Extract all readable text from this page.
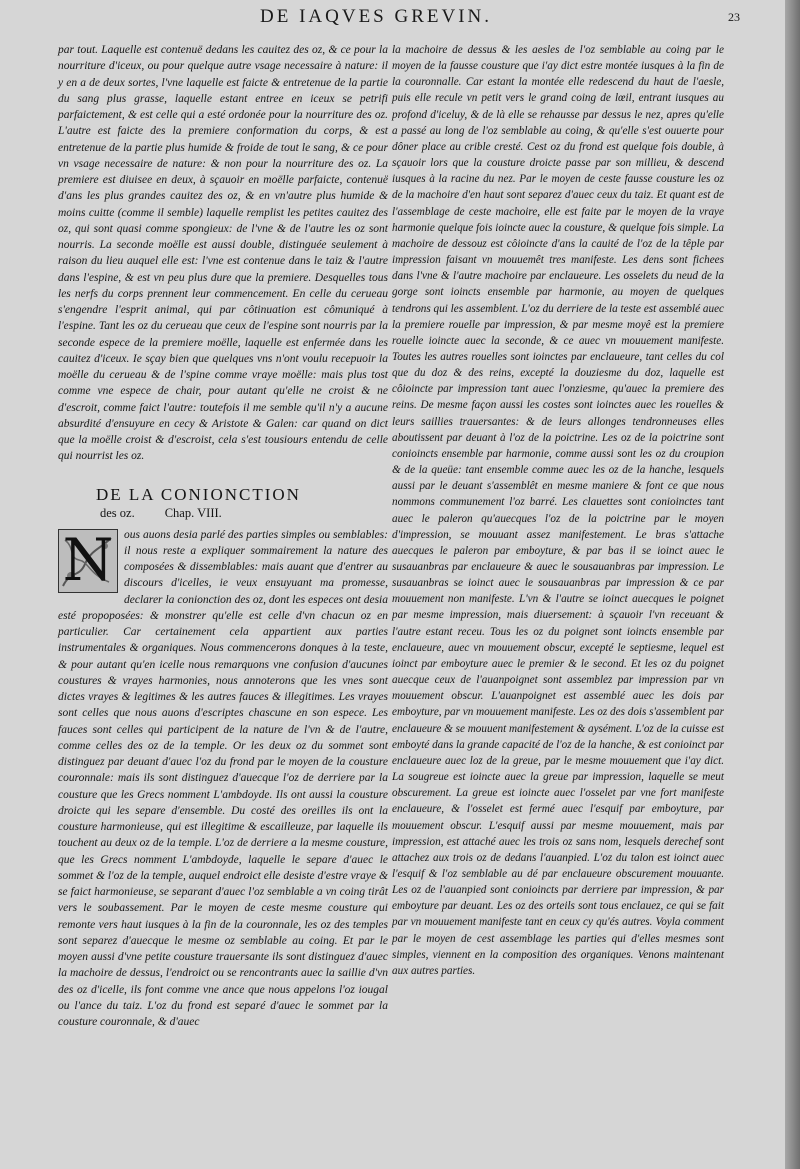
DE IAQVES GREVIN.	23

par tout. Laquelle est contenuë dedans les cauitez des oz, & ce pour la nourriture d'iceux, ou pour quelque autre vsage necessaire à nature: il y en a de deux sortes, l'vne laquelle est faicte & entretenue de la partie du sang plus grasse, laquelle estant entree en iceux se petrifi parfaictement, & est celle qui a esté ordonée pour la nourriture des oz. L'autre est faicte des la premiere conformation du corps, & est entretenue de la partie plus humide & froide de tout le sang, & ce pour vn vsage necessaire de nature: & non pour la nourriture des oz. La premiere est diuisee en deux, à sçauoir en moëlle parfaicte, contenuë d'ans les plus grandes cauitez des oz, & en vn'autre plus humide & moins cuitte (comme il semble) laquelle remplist les petites cauitez des oz, qui sont quasi comme spongieux: de l'vne & de l'autre les oz sont nourris. La seconde moëlle est aussi double, distinguée seulement à raison du lieu auquel elle est: l'vne est contenue dans le taiz & l'autre dans l'espine, & est vn peu plus dure que la premiere. Desquelles tous les nerfs du corps prennent leur commencement. En celle du cerueau s'engendre l'esprit animal, qui par côtinuation est cômuniqué à l'espine. Tant les oz du cerueau que ceux de l'espine sont nourris par la seconde espece de la premiere moëlle, laquelle est enfermée dans les cauitez d'iceux. Ie sçay bien que quelques vns n'ont voulu recepuoir la moëlle du cerueau & de l'spine comme vraye moëlle: mais plus tost comme vne espece de chair, pour autant qu'elle ne croist & ne d'escroit, comme faict l'autre: toutefois il me semble qu'il n'y a aucune absurdité d'ensuyure en cecy & Aristote & Galen: car quand on dict que la moëlle croist & d'escroist, cela s'est tousiours entendu de celle qui nourrist les oz.

DE LA CONIONCTION
des oz. Chap. VIII.
N ous auons desia parlé des parties simples ou semblables: il nous reste a expliquer sommairement la nature des composées & dissemblables: mais auant que d'entrer au discours d'icelles, ie veux ensuyuant ma promesse, declarer la conionction des oz, dont les especes ont desia esté propoposées: & monstrer qu'elle est celle d'vn chacun oz en particulier. Car certainement cela appartient aux parties instrumentales & organiques. Nous commencerons donques à la teste, & pour autant qu'en icelle nous remarquons vne confusion d'aucunes coustures & vrayes harmonies, nous annoterons que les vnes sont dictes vrayes & legitimes & les autres fauces & illegitimes. Les vrayes sont celles que nous auons d'escriptes chascune en son espece. Les fauces sont celles qui participent de la nature de l'vn & de l'autre, comme celles des oz de la temple. Or les deux oz du sommet sont distinguez par deuant d'auec l'oz du frond par le moyen de la cousture couronnale: mais ils sont distinguez d'auecque l'oz de derriere par la cousture que les Grecs nomment L'ambdoyde. Ils ont aussi la cousture droicte qui les separe d'ensemble. Du costé des oreilles ils ont la cousture harmonieuse, qui est illegitime & escailleuze, par laquelle ils touchent au deux oz de la temple. L'oz de derriere a la mesme cousture, que les Grecs nomment L'ambdoyde, laquelle le separe d'auec le sommet & l'oz de la temple, auquel endroict elle desiste d'estre vraye & se faict harmonieuse, se separant d'auec l'oz semblable a vn coing tirât vers le soubassement. Par le moyen de ceste mesme cousture qui remonte vers haut iusques à la fin de la couronnale, les oz des temples sont separez d'auecque le mesme oz semblable au coing. Et par le moyen aussi d'vne petite cousture trauersante ils sont distinguez d'auec la machoire de dessus, l'endroict ou se rencontrants auec la saillie d'vn des oz d'icelle, ils font comme vne ance que nous appelons l'oz iougal ou l'ance du taiz. L'oz du frond est separé d'auec le sommet par la cousture couronnale, & d'auec

la machoire de dessus & les aesles de l'oz semblable au coing par le moyen de la fausse cousture que i'ay dict estre montée iusques à la fin de la couronnalle. Car estant la montée elle redescend du haut de l'aesle, puis elle recule vn petit vers le grand coing de lœil, entrant iusques au profond d'iceluy, & de là elle se rehausse par dessus le nez, apres qu'elle a passé au long de l'oz semblable au coing, & qu'elle s'est ouuerte pour dôner place au crible cresté. Cest oz du frond est quelque fois double, à sçauoir lors que la cousture droicte passe par son millieu, & descend iusques à la racine du nez. Par le moyen de ceste fausse cousture les oz de la machoire d'en haut sont separez d'auec ceux du taiz. Et quant est de l'assemblage de ceste machoire, elle est faite par le moyen de la vraye harmonie quelque fois ioincte auec la cousture, & quelque fois simple. La machoire de dessouz est côioincte d'ans la cauité de l'oz de la têple par impression faisant vn mouuemêt tres manifeste. Les dens sont fichees dans l'vne & l'autre machoire par enclaueure. Les osselets du neud de la gorge sont ioincts ensemble par harmonie, au moyen de quelques tendrons qui les assemblent. L'oz du derriere de la teste est assemblé auec la premiere rouelle par impression, & par mesme moyê est la premiere rouelle ioincte auec la seconde, & ce auec vn mouuement manifeste. Toutes les autres rouelles sont ioinctes par enclaueure, tant celles du col que du doz & des reins, excepté la douziesme du doz, laquelle est côioincte par impression tant auec l'onziesme, qu'auec la premiere des reins. De mesme façon aussi les costes sont ioinctes auec les rouelles & leurs saillies trauersantes: & de leurs allonges tendronneuses elles aboutissent par deuant à l'oz de la poictrine. Les oz de la poictrine sont conioincts ensemble par harmonie, comme aussi sont les oz du croupion & de la queüe: tant ensemble comme auec les oz de la hanche, lesquels aussi par le deuant s'assemblêt en mesme maniere & font ce que nous nommons communement l'oz barré. Les clauettes sont conioinctes tant auec le paleron qu'auecques l'oz de la poictrine par le moyen d'impression, se mouuant assez manifestement. Le bras s'attache auecques le paleron par emboyture, & par bas il se ioinct auec le susauanbras par enclaueure & auec le sousauanbras par impression. Le susauanbras se ioinct auec le sousauanbras par impression & ce par mouuement non manifeste. L'vn & l'autre se ioinct auecques le poignet par mesme impression, mais diuersement: à sçauoir l'vn receuant & l'autre estant receu. Tous les oz du poignet sont ioincts ensemble par enclaueure, auec vn mouuement obscur, excepté le septiesme, lequel est ioinct par emboyture auec le premier & le second. Et les oz du poignet auecque ceux de l'auanpoignet sont assemblez par impression par vn mouuement obscur. L'auanpoignet est assemblé auec les dois par emboyture, par vn mouuement manifeste. Les oz des dois s'assemblent par enclaueure & se mouuent manifestement & aysément. L'oz de la cuisse est emboyté dans la grande capacité de l'oz de la hanche, & est conioinct par enclaueure auec loz de la greue, par le mesme mouuement que i'ay dict. La sougreue est ioincte auec la greue par impression, laquelle se meut obscurement. La greue est ioincte auec l'osselet par vne fort manifeste enclaueure, & l'osselet est fermé auec l'esquif par emboyture, par mouuement obscur. L'esquif aussi par mesme mouuement, mais par impression, est attaché auec les trois oz sans nom, lesquels derechef sont attachez aux trois oz de dedans l'auanpied. L'oz du talon est ioinct auec l'esquif & l'oz semblable au dé par enclaueure obscurement mouuante. Les oz de l'auanpied sont conioincts par derriere par impression, & par emboyture par deuant. Les oz des orteils sont tous enclauez, ce qui se fait par vn mouuement manifeste tant en ceux cy qu'és autres. Voyla comment par le moyen de cest assemblage les parties qui d'elles mesmes sont simples, viennent en la composition des organiques. Venons maintenant aux autres parties.
